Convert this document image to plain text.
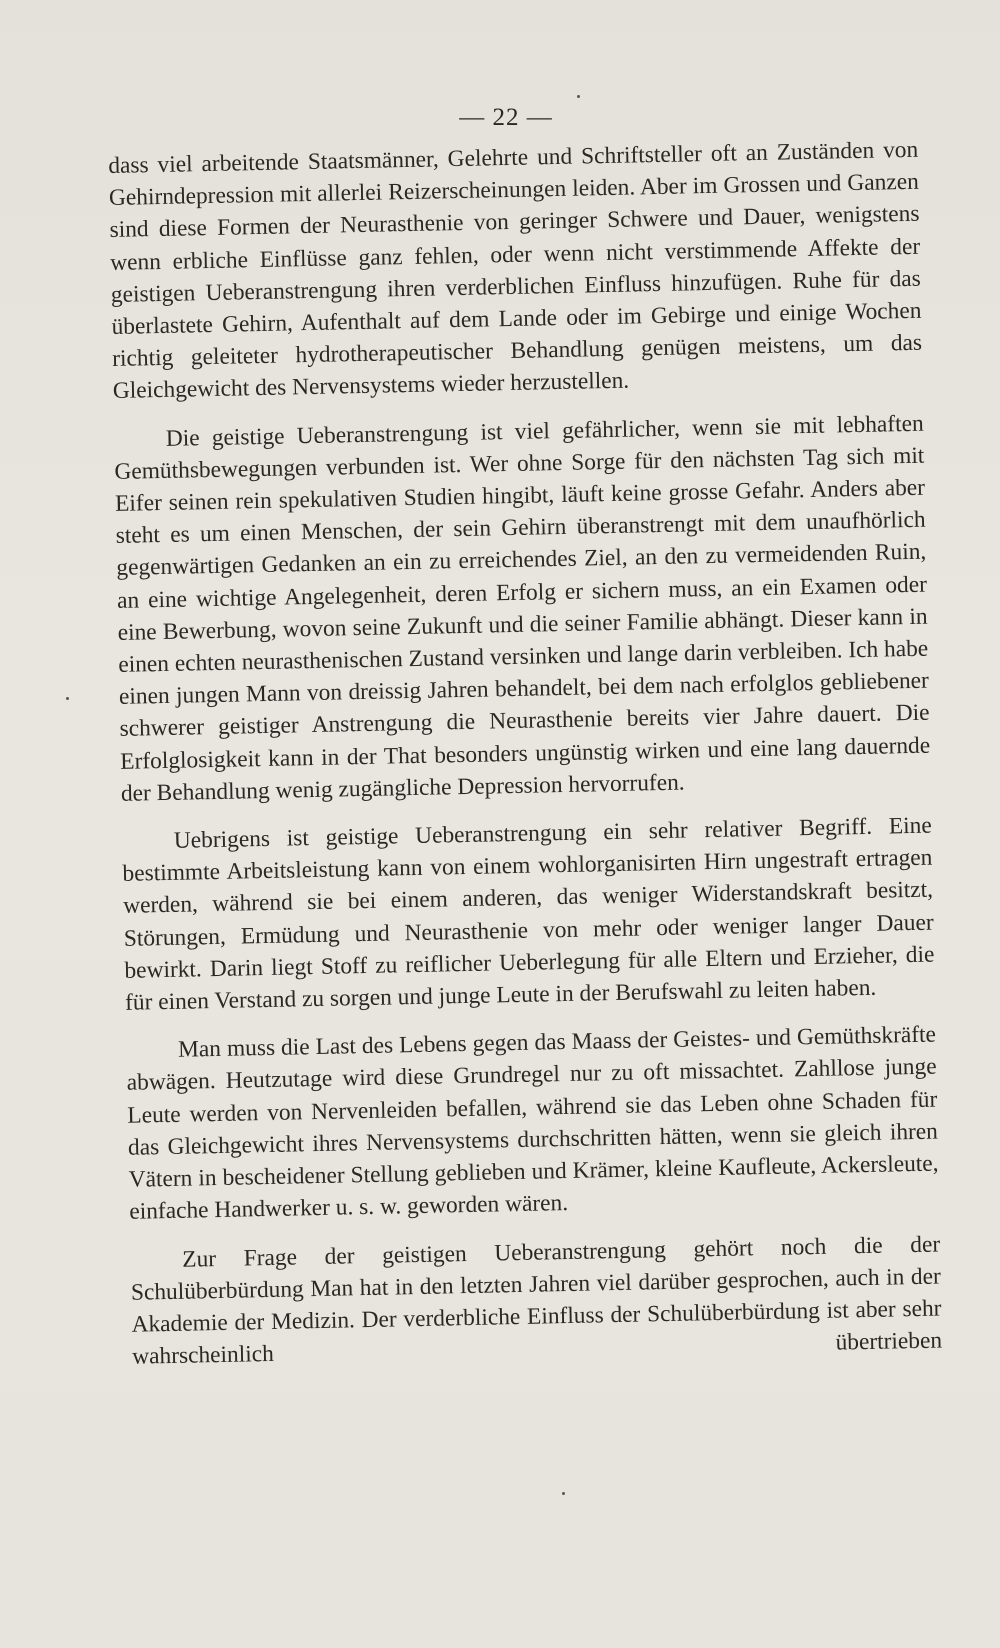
— 22 —

dass viel arbeitende Staatsmänner, Gelehrte und Schriftsteller oft an Zuständen von Gehirndepression mit allerlei Reizerscheinungen leiden. Aber im Grossen und Ganzen sind diese Formen der Neurasthenie von geringer Schwere und Dauer, wenigstens wenn erbliche Einflüsse ganz fehlen, oder wenn nicht verstimmende Affekte der geistigen Ueberanstrengung ihren verderblichen Einfluss hinzufügen. Ruhe für das überlastete Gehirn, Aufenthalt auf dem Lande oder im Gebirge und einige Wochen richtig geleiteter hydrotherapeutischer Behandlung genügen meistens, um das Gleichgewicht des Nervensystems wieder herzustellen.

Die geistige Ueberanstrengung ist viel gefährlicher, wenn sie mit lebhaften Gemüthsbewegungen verbunden ist. Wer ohne Sorge für den nächsten Tag sich mit Eifer seinen rein spekulativen Studien hingibt, läuft keine grosse Gefahr. Anders aber steht es um einen Menschen, der sein Gehirn überanstrengt mit dem unaufhörlich gegenwärtigen Gedanken an ein zu erreichendes Ziel, an den zu vermeidenden Ruin, an eine wichtige Angelegenheit, deren Erfolg er sichern muss, an ein Examen oder eine Bewerbung, wovon seine Zukunft und die seiner Familie abhängt. Dieser kann in einen echten neurasthenischen Zustand versinken und lange darin verbleiben. Ich habe einen jungen Mann von dreissig Jahren behandelt, bei dem nach erfolglos gebliebener schwerer geistiger Anstrengung die Neurasthenie bereits vier Jahre dauert. Die Erfolglosigkeit kann in der That besonders ungünstig wirken und eine lang dauernde der Behandlung wenig zugängliche Depression hervorrufen.

Uebrigens ist geistige Ueberanstrengung ein sehr relativer Begriff. Eine bestimmte Arbeitsleistung kann von einem wohlorganisirten Hirn ungestraft ertragen werden, während sie bei einem anderen, das weniger Widerstandskraft besitzt, Störungen, Ermüdung und Neurasthenie von mehr oder weniger langer Dauer bewirkt. Darin liegt Stoff zu reiflicher Ueberlegung für alle Eltern und Erzieher, die für einen Verstand zu sorgen und junge Leute in der Berufswahl zu leiten haben.

Man muss die Last des Lebens gegen das Maass der Geistes- und Gemüthskräfte abwägen. Heutzutage wird diese Grundregel nur zu oft missachtet. Zahllose junge Leute werden von Nervenleiden befallen, während sie das Leben ohne Schaden für das Gleichgewicht ihres Nervensystems durchschritten hätten, wenn sie gleich ihren Vätern in bescheidener Stellung geblieben und Krämer, kleine Kaufleute, Ackersleute, einfache Handwerker u. s. w. geworden wären.

Zur Frage der geistigen Ueberanstrengung gehört noch die der Schulüberbürdung Man hat in den letzten Jahren viel darüber gesprochen, auch in der Akademie der Medizin. Der verderbliche Einfluss der Schulüberbürdung ist aber sehr wahrscheinlich übertrieben
